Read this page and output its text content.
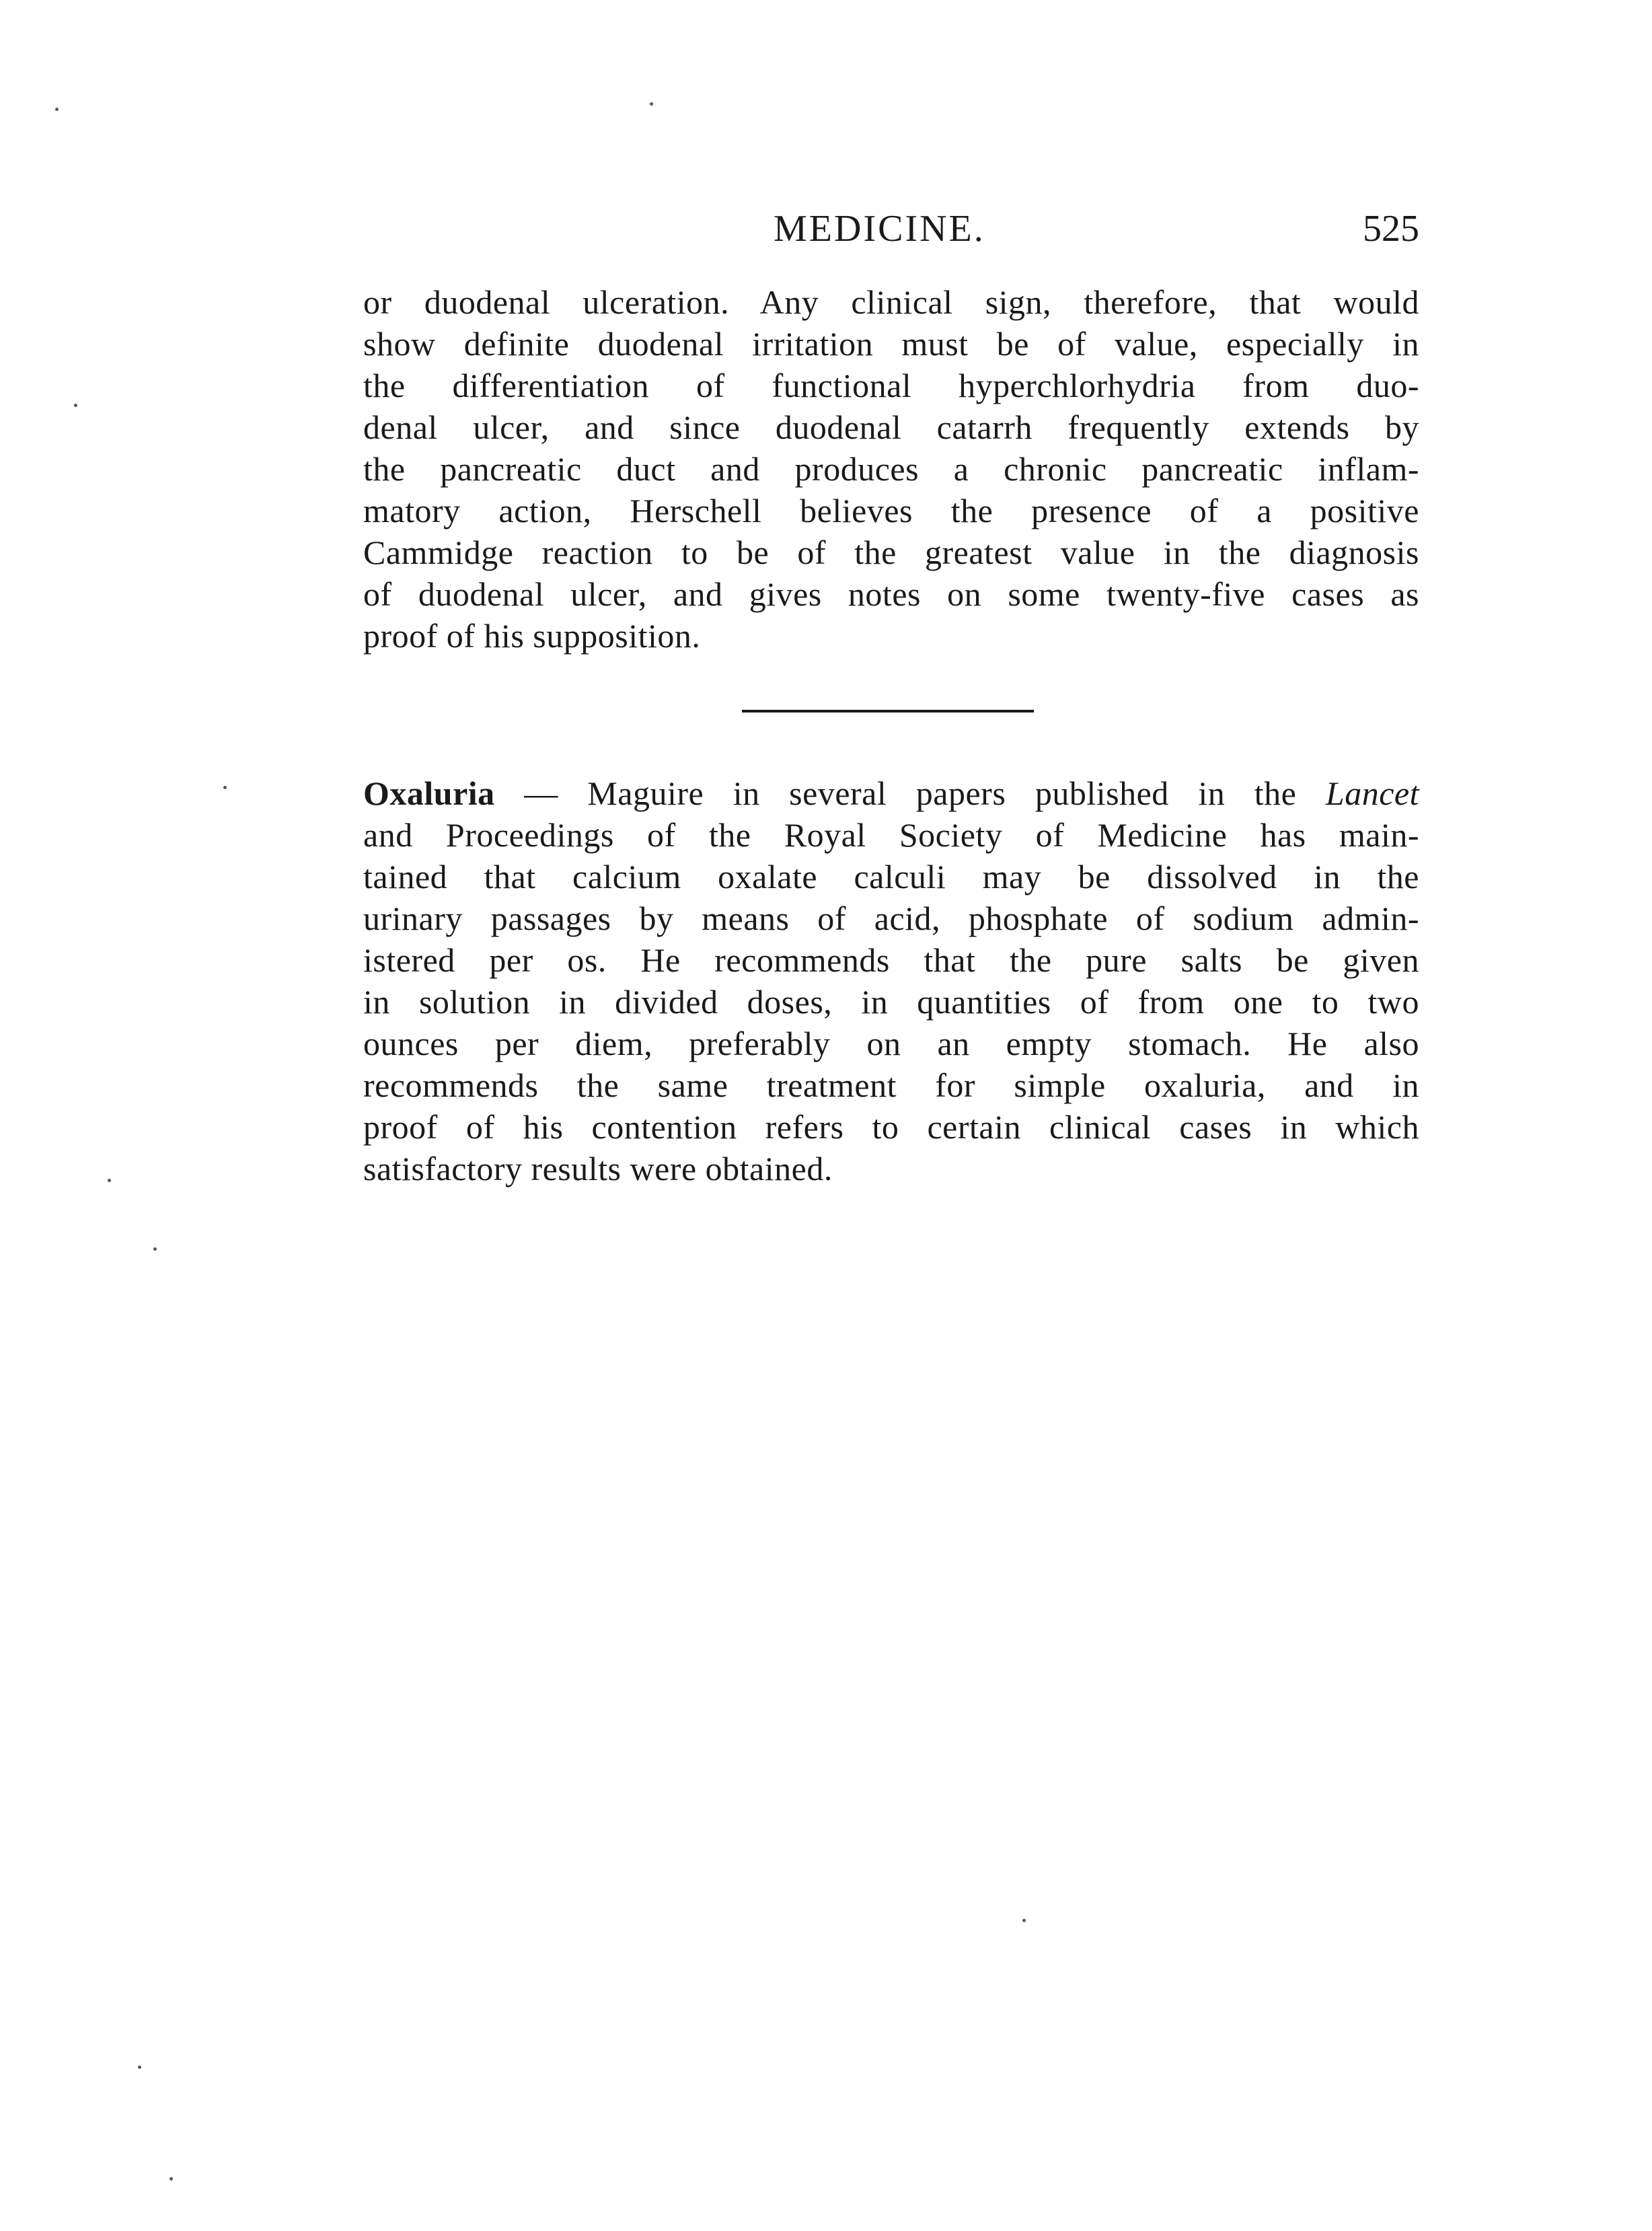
MEDICINE.	525
or duodenal ulceration. Any clinical sign, therefore, that would
show definite duodenal irritation must be of value, especially in
the differentiation of functional hyperchlorhydria from duo-
denal ulcer, and since duodenal catarrh frequently extends by
the pancreatic duct and produces a chronic pancreatic inflam-
matory action, Herschell believes the presence of a positive
Cammidge reaction to be of the greatest value in the diagnosis
of duodenal ulcer, and gives notes on some twenty-five cases as
proof of his supposition.
Oxaluria — Maguire in several papers published in the Lancet
and Proceedings of the Royal Society of Medicine has main-
tained that calcium oxalate calculi may be dissolved in the
urinary passages by means of acid, phosphate of sodium admin-
istered per os. He recommends that the pure salts be given
in solution in divided doses, in quantities of from one to two
ounces per diem, preferably on an empty stomach. He also
recommends the same treatment for simple oxaluria, and in
proof of his contention refers to certain clinical cases in which
satisfactory results were obtained.
